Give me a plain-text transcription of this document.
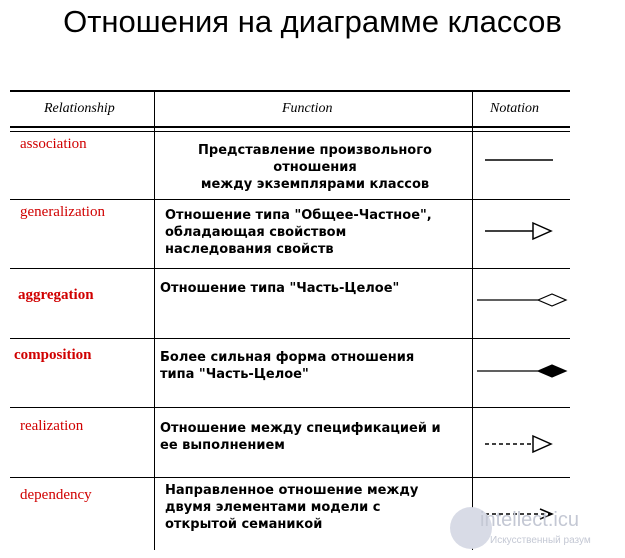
Отношения на диаграмме классов
Relationship	Function	Notation
association	Представление произвольного
отношения
между экземплярами классов
generalization	Отношение типа "Общее-Частное",
обладающая свойством
наследования свойств
aggregation	Отношение типа "Часть-Целое"
composition	Более сильная форма отношения
типа "Часть-Целое"
realization	Отношение между спецификацией и
ее выполнением
dependency	Направленное отношение между
двумя элементами модели с
открытой семаникой	intellect.icu
Искусственный разум
